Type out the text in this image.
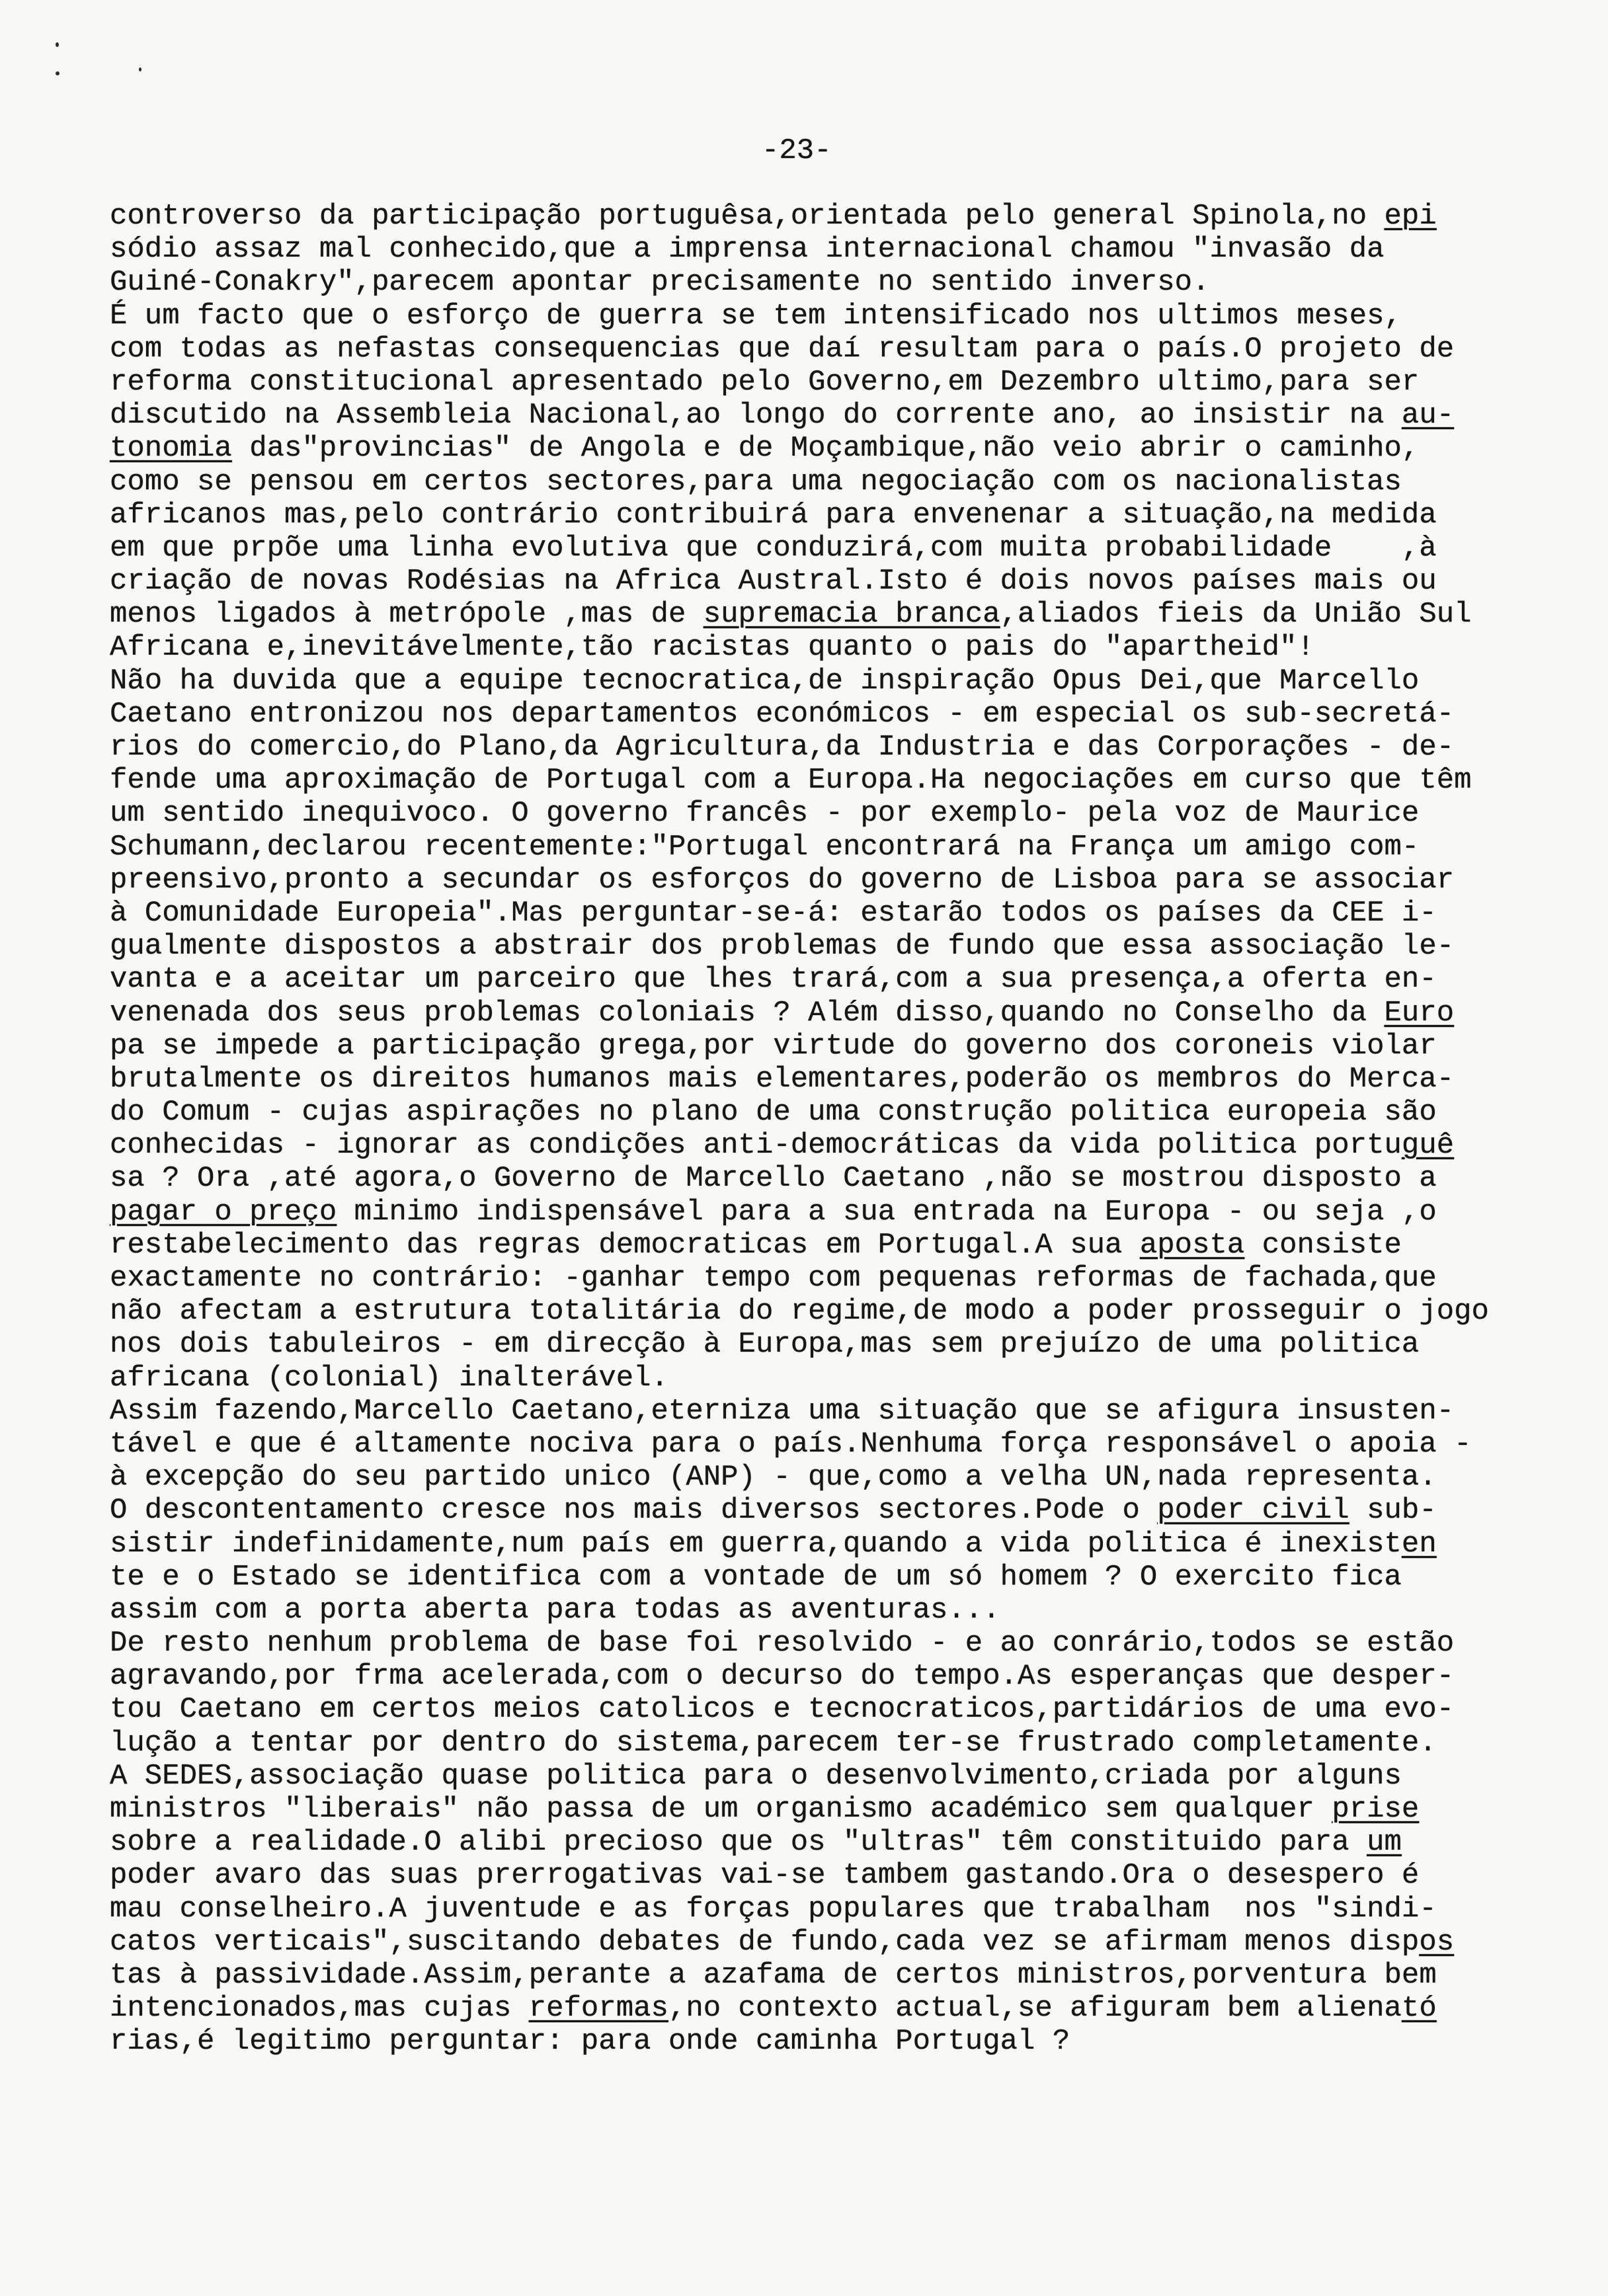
-23-
controverso da participação portuguêsa,orientada pelo general Spinola,no epi
sódio assaz mal conhecido,que a imprensa internacional chamou "invasão da
Guiné-Conakry",parecem apontar precisamente no sentido inverso.
É um facto que o esforço de guerra se tem intensificado nos ultimos meses,
com todas as nefastas consequencias que daí resultam para o país.O projeto de
reforma constitucional apresentado pelo Governo,em Dezembro ultimo,para ser
discutido na Assembleia Nacional,ao longo do corrente ano, ao insistir na au-
tonomia das"provincias" de Angola e de Moçambique,não veio abrir o caminho,
como se pensou em certos sectores,para uma negociação com os nacionalistas
africanos mas,pelo contrário contribuirá para envenenar a situação,na medida
em que prpõe uma linha evolutiva que conduzirá,com muita probabilidade    ,à
criação de novas Rodésias na Africa Austral.Isto é dois novos países mais ou
menos ligados à metrópole ,mas de supremacia branca,aliados fieis da União Sul
Africana e,inevitávelmente,tão racistas quanto o pais do "apartheid"!
Não ha duvida que a equipe tecnocratica,de inspiração Opus Dei,que Marcello
Caetano entronizou nos departamentos económicos - em especial os sub-secretá-
rios do comercio,do Plano,da Agricultura,da Industria e das Corporações - de-
fende uma aproximação de Portugal com a Europa.Ha negociações em curso que têm
um sentido inequivoco. O governo francês - por exemplo- pela voz de Maurice
Schumann,declarou recentemente:"Portugal encontrará na França um amigo com-
preensivo,pronto a secundar os esforços do governo de Lisboa para se associar
à Comunidade Europeia".Mas perguntar-se-á: estarão todos os países da CEE i-
gualmente dispostos a abstrair dos problemas de fundo que essa associação le-
vanta e a aceitar um parceiro que lhes trará,com a sua presença,a oferta en-
venenada dos seus problemas coloniais ? Além disso,quando no Conselho da Euro
pa se impede a participação grega,por virtude do governo dos coroneis violar
brutalmente os direitos humanos mais elementares,poderão os membros do Merca-
do Comum - cujas aspirações no plano de uma construção politica europeia são
conhecidas - ignorar as condições anti-democráticas da vida politica portuguê
sa ? Ora ,até agora,o Governo de Marcello Caetano ,não se mostrou disposto a
pagar o preço minimo indispensável para a sua entrada na Europa - ou seja ,o
restabelecimento das regras democraticas em Portugal.A sua aposta consiste
exactamente no contrário: -ganhar tempo com pequenas reformas de fachada,que
não afectam a estrutura totalitária do regime,de modo a poder prosseguir o jogo
nos dois tabuleiros - em direcção à Europa,mas sem prejuízo de uma politica
africana (colonial) inalterável.
Assim fazendo,Marcello Caetano,eterniza uma situação que se afigura insusten-
tável e que é altamente nociva para o país.Nenhuma força responsável o apoia -
à excepção do seu partido unico (ANP) - que,como a velha UN,nada representa.
O descontentamento cresce nos mais diversos sectores.Pode o poder civil sub-
sistir indefinidamente,num país em guerra,quando a vida politica é inexisten
te e o Estado se identifica com a vontade de um só homem ? O exercito fica
assim com a porta aberta para todas as aventuras...
De resto nenhum problema de base foi resolvido - e ao conrário,todos se estão
agravando,por frma acelerada,com o decurso do tempo.As esperanças que desper-
tou Caetano em certos meios catolicos e tecnocraticos,partidários de uma evo-
lução a tentar por dentro do sistema,parecem ter-se frustrado completamente.
A SEDES,associação quase politica para o desenvolvimento,criada por alguns
ministros "liberais" não passa de um organismo académico sem qualquer prise
sobre a realidade.O alibi precioso que os "ultras" têm constituido para um
poder avaro das suas prerrogativas vai-se tambem gastando.Ora o desespero é
mau conselheiro.A juventude e as forças populares que trabalham  nos "sindi-
catos verticais",suscitando debates de fundo,cada vez se afirmam menos dispos
tas à passividade.Assim,perante a azafama de certos ministros,porventura bem
intencionados,mas cujas reformas,no contexto actual,se afiguram bem alienató
rias,é legitimo perguntar: para onde caminha Portugal ?
